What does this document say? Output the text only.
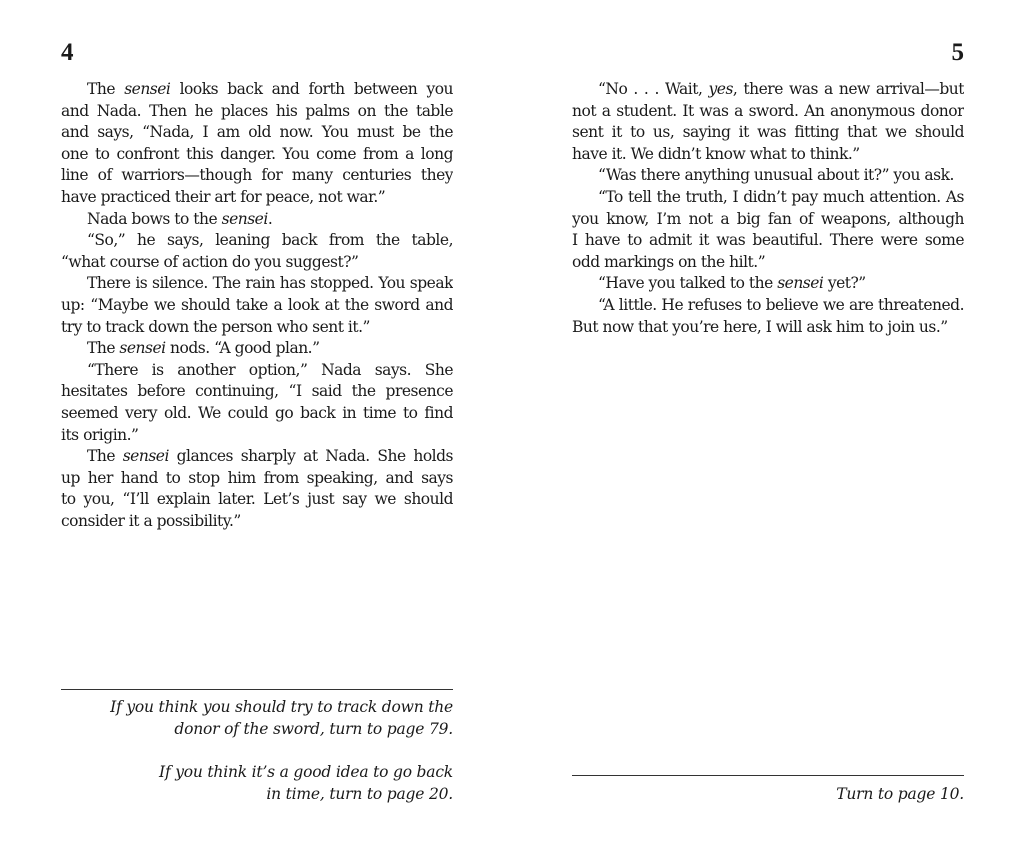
4
The sensei looks back and forth between you
and Nada. Then he places his palms on the table
and says, “Nada, I am old now. You must be the
one to confront this danger. You come from a long
line of warriors—though for many centuries they
have practiced their art for peace, not war.”
Nada bows to the sensei.
“So,” he says, leaning back from the table,
“what course of action do you suggest?”
There is silence. The rain has stopped. You speak
up: “Maybe we should take a look at the sword and
try to track down the person who sent it.”
The sensei nods. “A good plan.”
“There is another option,” Nada says. She
hesitates before continuing, “I said the presence
seemed very old. We could go back in time to find
its origin.”
The sensei glances sharply at Nada. She holds
up her hand to stop him from speaking, and says
to you, “I’ll explain later. Let’s just say we should
consider it a possibility.”
If you think you should try to track down the
donor of the sword, turn to page 79.
If you think it’s a good idea to go back
in time, turn to page 20.
5
“No . . . Wait, yes, there was a new arrival—but
not a student. It was a sword. An anonymous donor
sent it to us, saying it was fitting that we should
have it. We didn’t know what to think.”
“Was there anything unusual about it?” you ask.
“To tell the truth, I didn’t pay much attention. As
you know, I’m not a big fan of weapons, although
I have to admit it was beautiful. There were some
odd markings on the hilt.”
“Have you talked to the sensei yet?”
“A little. He refuses to believe we are threatened.
But now that you’re here, I will ask him to join us.”
Turn to page 10.
